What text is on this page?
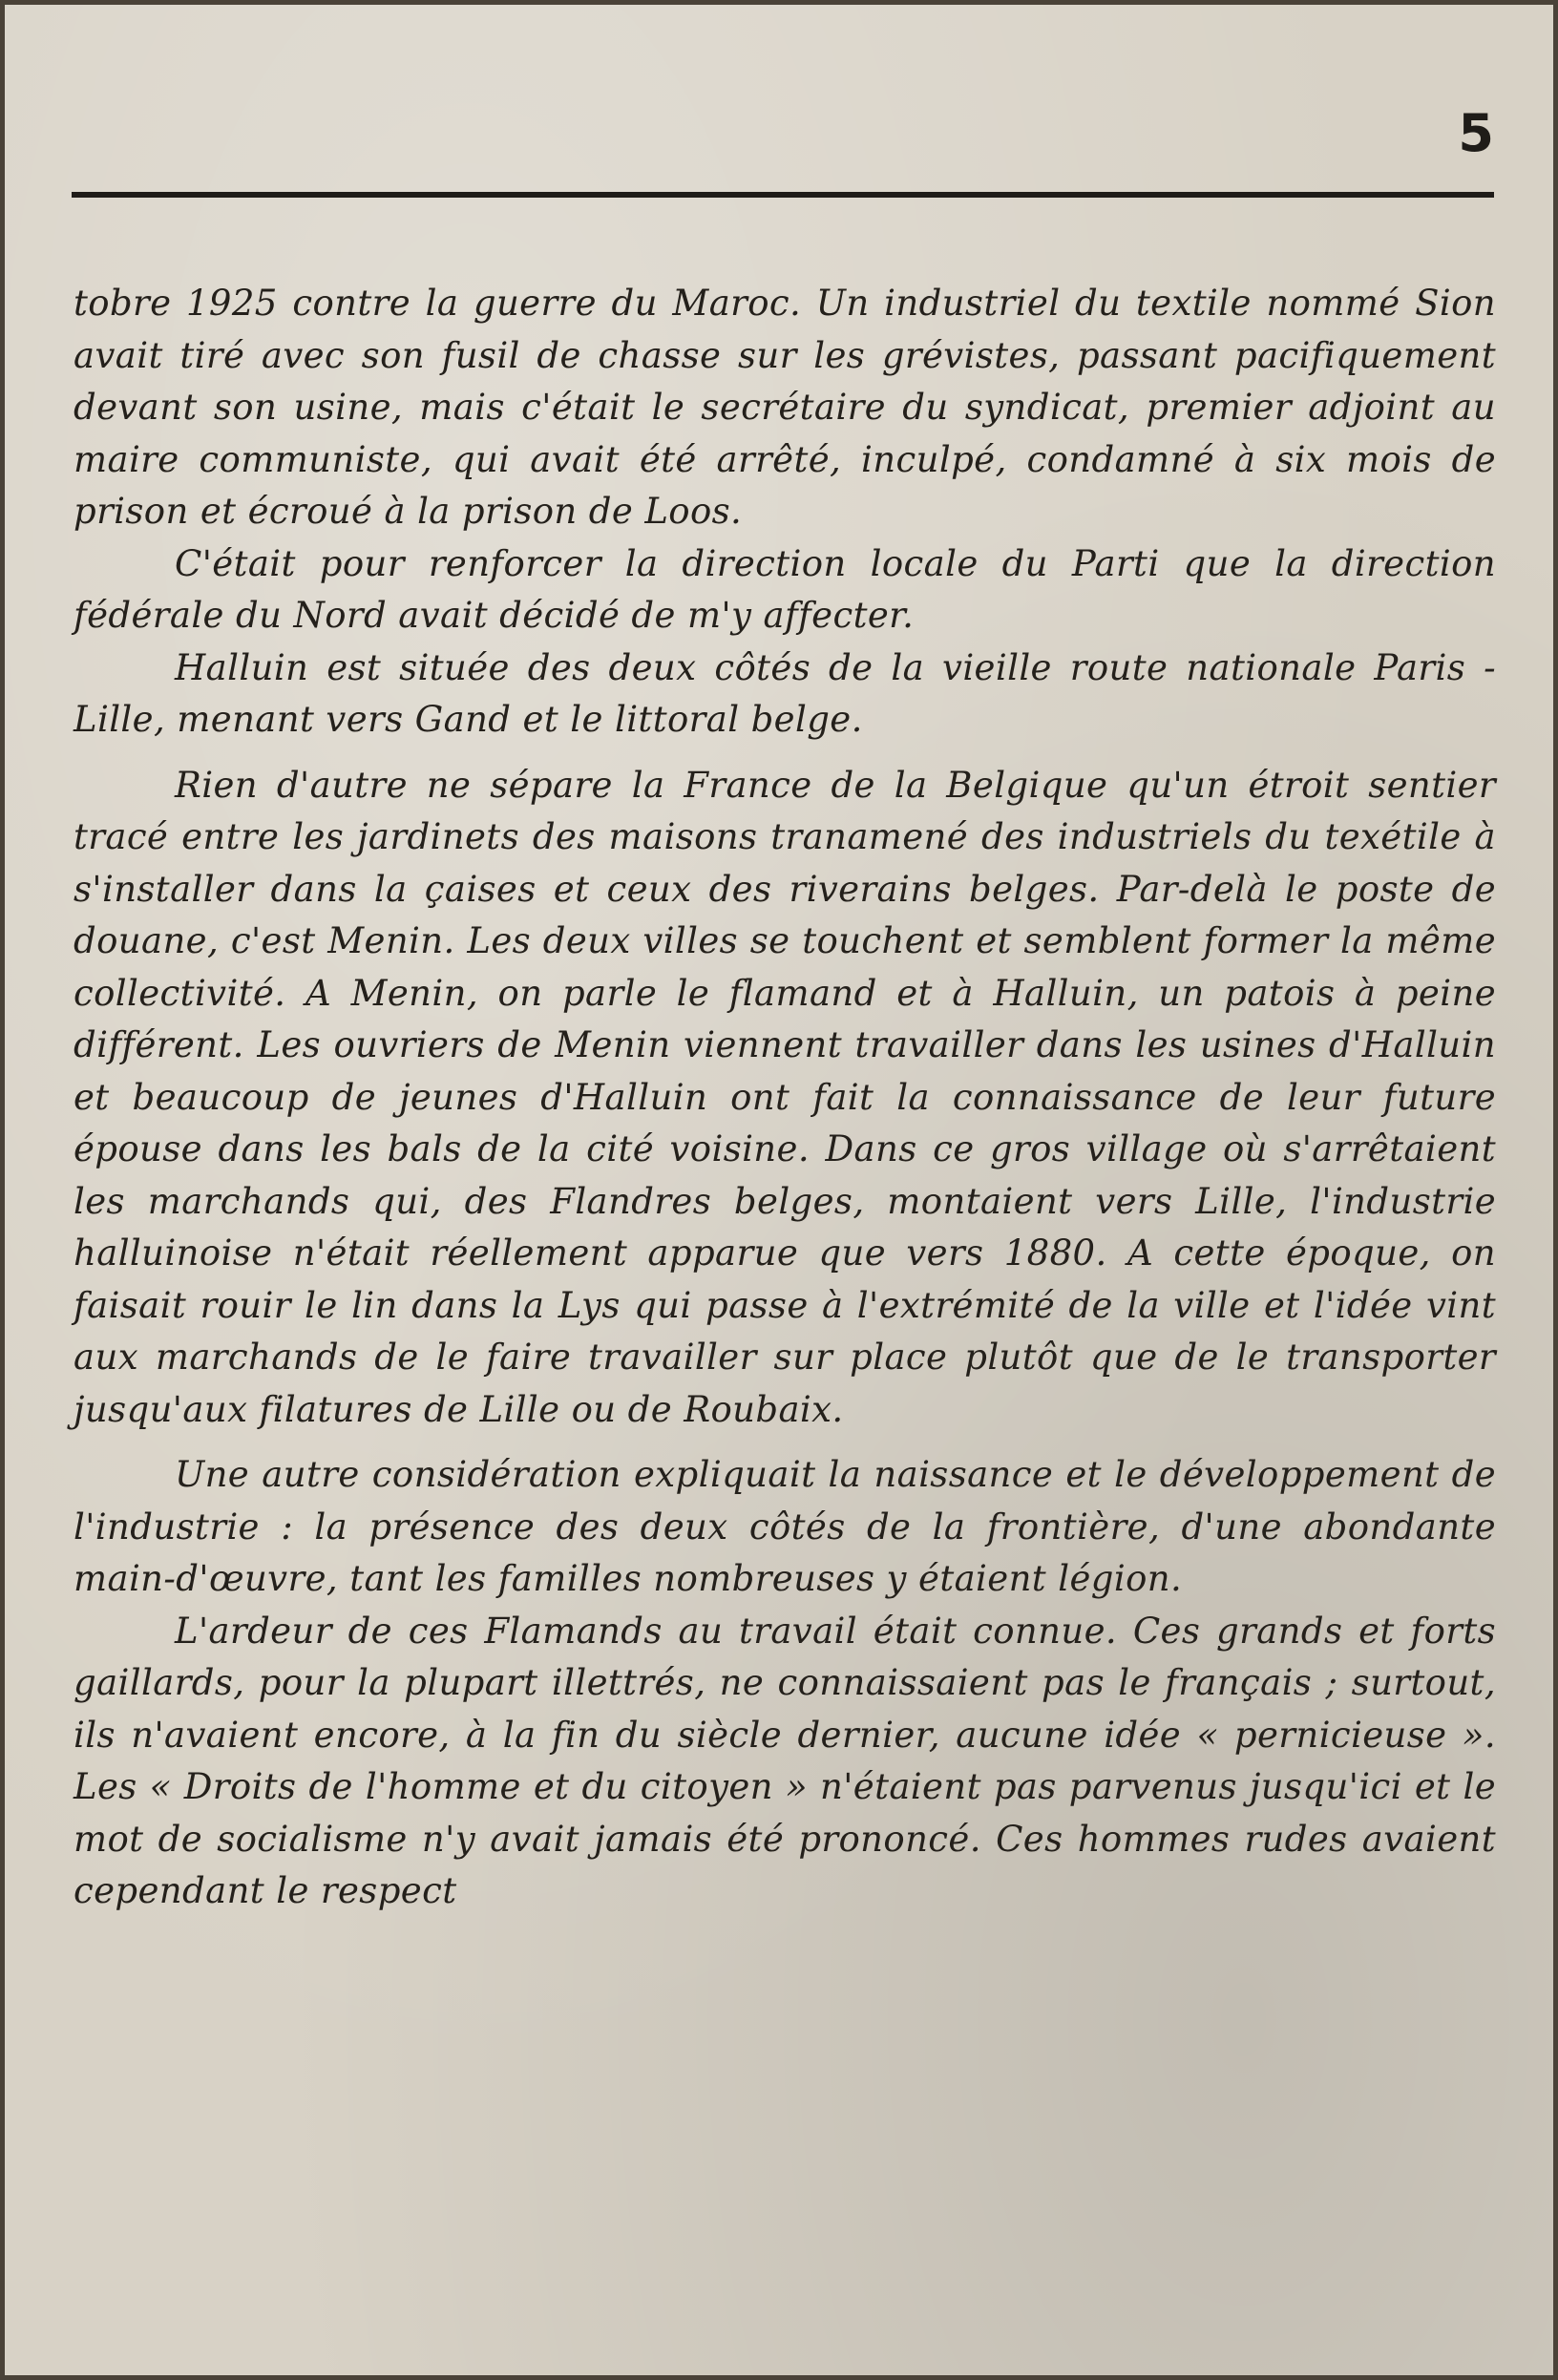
5

tobre 1925 contre la guerre du Maroc. Un industriel du textile nommé Sion avait tiré avec son fusil de chasse sur les grévistes, passant pacifiquement devant son usine, mais c'était le secrétaire du syndicat, premier adjoint au maire communiste, qui avait été arrêté, inculpé, condamné à six mois de prison et écroué à la prison de Loos.

C'était pour renforcer la direction locale du Parti que la direction fédérale du Nord avait décidé de m'y affecter.

Halluin est située des deux côtés de la vieille route nationale Paris - Lille, menant vers Gand et le littoral belge.

Rien d'autre ne sépare la France de la Belgique qu'un étroit sentier tracé entre les jardinets des maisons tranamené des industriels du texétile à s'installer dans la çaises et ceux des riverains belges. Par-delà le poste de douane, c'est Menin. Les deux villes se touchent et semblent former la même collectivité. A Menin, on parle le flamand et à Halluin, un patois à peine différent. Les ouvriers de Menin viennent travailler dans les usines d'Halluin et beaucoup de jeunes d'Halluin ont fait la connaissance de leur future épouse dans les bals de la cité voisine. Dans ce gros village où s'arrêtaient les marchands qui, des Flandres belges, montaient vers Lille, l'industrie halluinoise n'était réellement apparue que vers 1880. A cette époque, on faisait rouir le lin dans la Lys qui passe à l'extrémité de la ville et l'idée vint aux marchands de le faire travailler sur place plutôt que de le transporter jusqu'aux filatures de Lille ou de Roubaix.

Une autre considération expliquait la naissance et le développement de l'industrie : la présence des deux côtés de la frontière, d'une abondante main-d'œuvre, tant les familles nombreuses y étaient légion.

L'ardeur de ces Flamands au travail était connue. Ces grands et forts gaillards, pour la plupart illettrés, ne connaissaient pas le français ; surtout, ils n'avaient encore, à la fin du siècle dernier, aucune idée « pernicieuse ». Les « Droits de l'homme et du citoyen » n'étaient pas parvenus jusqu'ici et le mot de socialisme n'y avait jamais été prononcé. Ces hommes rudes avaient cependant le respect
